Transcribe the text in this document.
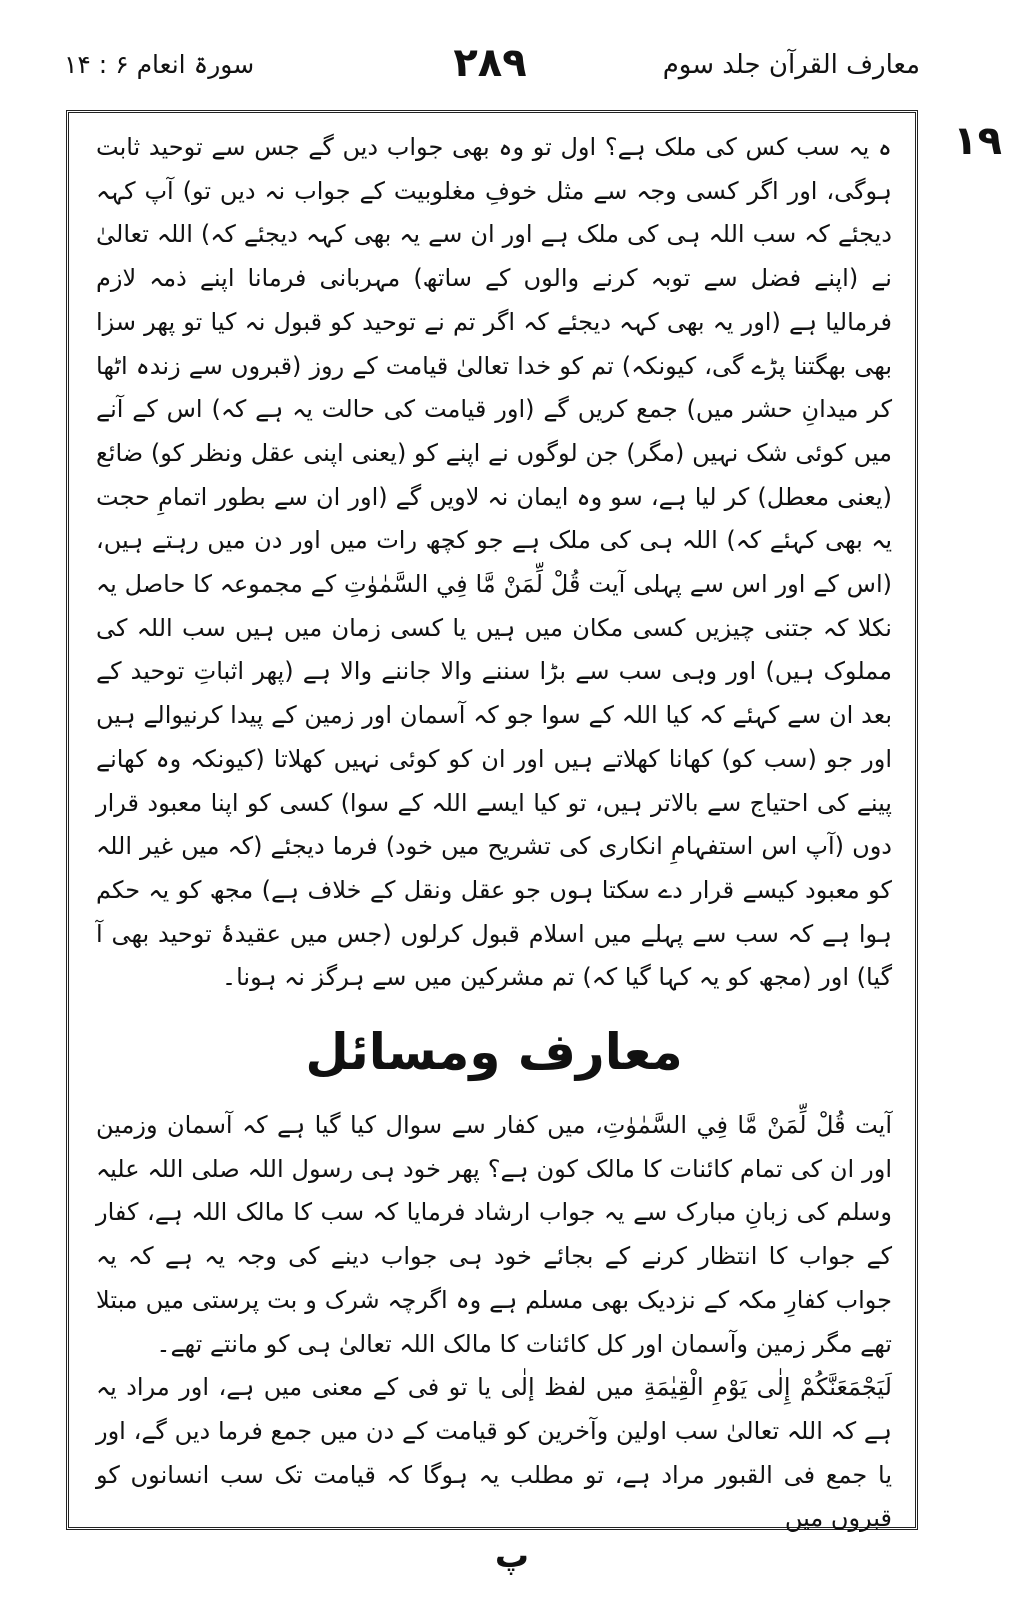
معارف القرآن جلد سوم
۲۸۹
سورۃ انعام ۶ : ۱۴
۱۹

ہ یہ سب کس کی ملک ہے؟ اول تو وہ بھی جواب دیں گے جس سے توحید ثابت ہوگی، اور اگر کسی وجہ سے مثل خوفِ مغلوبیت کے جواب نہ دیں تو) آپ کہہ دیجئے کہ سب اللہ ہی کی ملک ہے اور ان سے یہ بھی کہہ دیجئے کہ) اللہ تعالیٰ نے (اپنے فضل سے توبہ کرنے والوں کے ساتھ) مہربانی فرمانا اپنے ذمہ لازم فرمالیا ہے (اور یہ بھی کہہ دیجئے کہ اگر تم نے توحید کو قبول نہ کیا تو پھر سزا بھی بھگتنا پڑے گی، کیونکہ) تم کو خدا تعالیٰ قیامت کے روز (قبروں سے زندہ اٹھا کر میدانِ حشر میں) جمع کریں گے (اور قیامت کی حالت یہ ہے کہ) اس کے آنے میں کوئی شک نہیں (مگر) جن لوگوں نے اپنے کو (یعنی اپنی عقل ونظر کو) ضائع (یعنی معطل) کر لیا ہے، سو وہ ایمان نہ لاویں گے (اور ان سے بطور اتمامِ حجت یہ بھی کہئے کہ) اللہ ہی کی ملک ہے جو کچھ رات میں اور دن میں رہتے ہیں، (اس کے اور اس سے پہلی آیت قُلْ لِّمَنْ مَّا فِي السَّمٰوٰتِ کے مجموعہ کا حاصل یہ نکلا کہ جتنی چیزیں کسی مکان میں ہیں یا کسی زمان میں ہیں سب اللہ کی مملوک ہیں) اور وہی سب سے بڑا سننے والا جاننے والا ہے (پھر اثباتِ توحید کے بعد ان سے کہئے کہ کیا اللہ کے سوا جو کہ آسمان اور زمین کے پیدا کرنیوالے ہیں اور جو (سب کو) کھانا کھلاتے ہیں اور ان کو کوئی نہیں کھلاتا (کیونکہ وہ کھانے پینے کی احتیاج سے بالاتر ہیں، تو کیا ایسے اللہ کے سوا) کسی کو اپنا معبود قرار دوں (آپ اس استفہامِ انکاری کی تشریح میں خود) فرما دیجئے (کہ میں غیر اللہ کو معبود کیسے قرار دے سکتا ہوں جو عقل ونقل کے خلاف ہے) مجھ کو یہ حکم ہوا ہے کہ سب سے پہلے میں اسلام قبول کرلوں (جس میں عقیدۂ توحید بھی آ گیا) اور (مجھ کو یہ کہا گیا کہ) تم مشرکین میں سے ہرگز نہ ہونا۔

معارف ومسائل

آیت قُلْ لِّمَنْ مَّا فِي السَّمٰوٰتِ، میں کفار سے سوال کیا گیا ہے کہ آسمان وزمین اور ان کی تمام کائنات کا مالک کون ہے؟ پھر خود ہی رسول اللہ صلی اللہ علیہ وسلم کی زبانِ مبارک سے یہ جواب ارشاد فرمایا کہ سب کا مالک اللہ ہے، کفار کے جواب کا انتظار کرنے کے بجائے خود ہی جواب دینے کی وجہ یہ ہے کہ یہ جواب کفارِ مکہ کے نزدیک بھی مسلم ہے وہ اگرچہ شرک و بت پرستی میں مبتلا تھے مگر زمین وآسمان اور کل کائنات کا مالک اللہ تعالیٰ ہی کو مانتے تھے۔

لَيَجْمَعَنَّكُمْ إِلٰى يَوْمِ الْقِيٰمَةِ میں لفظ إلٰى یا تو فی کے معنی میں ہے، اور مراد یہ ہے کہ اللہ تعالیٰ سب اولین وآخرین کو قیامت کے دن میں جمع فرما دیں گے، اور یا جمع فی القبور مراد ہے، تو مطلب یہ ہوگا کہ قیامت تک سب انسانوں کو قبروں میں

پ
